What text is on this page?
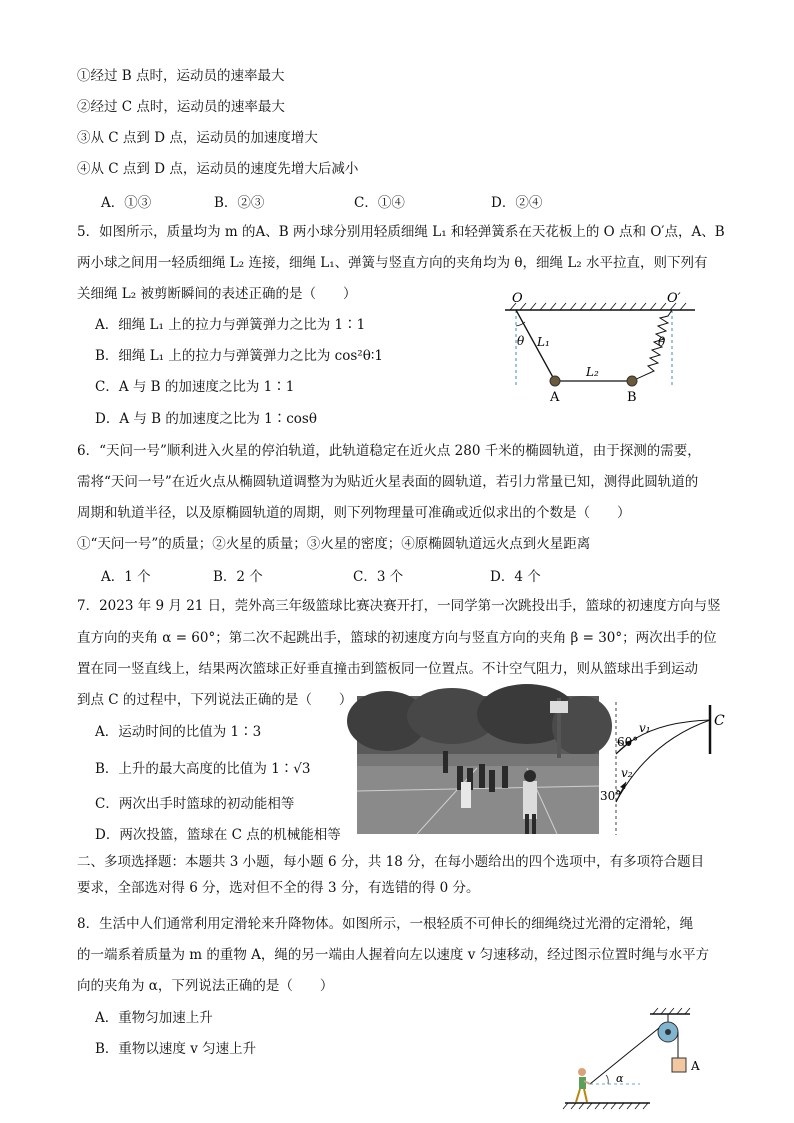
①经过 B 点时，运动员的速率最大
②经过 C 点时，运动员的速率最大
③从 C 点到 D 点，运动员的加速度增大
④从 C 点到 D 点，运动员的速度先增大后减小
A．①③	B．②③	C．①④	D．②④
5．如图所示，质量均为 m 的A、B 两小球分别用轻质细绳 L₁ 和轻弹簧系在天花板上的 O 点和 O′点，A、B
两小球之间用一轻质细绳 L₂ 连接，细绳 L₁、弹簧与竖直方向的夹角均为 θ，细绳 L₂ 水平拉直，则下列有
关细绳 L₂ 被剪断瞬间的表述正确的是（　　）
A．细绳 L₁ 上的拉力与弹簧弹力之比为 1∶1
B．细绳 L₁ 上的拉力与弹簧弹力之比为 cos²θ∶1
C．A 与 B 的加速度之比为 1∶1
D．A 与 B 的加速度之比为 1∶cosθ
O	O′
θ L₁	θ
L₂
A	B
6．“天问一号”顺利进入火星的停泊轨道，此轨道稳定在近火点 280 千米的椭圆轨道，由于探测的需要，
需将“天问一号”在近火点从椭圆轨道调整为为贴近火星表面的圆轨道，若引力常量已知，测得此圆轨道的
周期和轨道半径，以及原椭圆轨道的周期，则下列物理量可准确或近似求出的个数是（　　）
①“天问一号”的质量；②火星的质量；③火星的密度；④原椭圆轨道远火点到火星距离
A．1 个	B．2 个	C．3 个	D．4 个
7．2023 年 9 月 21 日，莞外高三年级篮球比赛决赛开打，一同学第一次跳投出手，篮球的初速度方向与竖
直方向的夹角 α = 60°；第二次不起跳出手，篮球的初速度方向与竖直方向的夹角 β = 30°；两次出手的位
置在同一竖直线上，结果两次篮球正好垂直撞击到篮板同一位置点。不计空气阻力，则从篮球出手到运动
到点 C 的过程中，下列说法正确的是（　　）
A．运动时间的比值为 1∶3
B．上升的最大高度的比值为 1∶√3
C．两次出手时篮球的初动能相等
D．两次投篮，篮球在 C 点的机械能相等
C
60°
30°
v₁
v₂
二、多项选择题：本题共 3 小题，每小题 6 分，共 18 分，在每小题给出的四个选项中，有多项符合题目
要求，全部选对得 6 分，选对但不全的得 3 分，有选错的得 0 分。
8．生活中人们通常利用定滑轮来升降物体。如图所示，一根轻质不可伸长的细绳绕过光滑的定滑轮，绳
的一端系着质量为 m 的重物 A，绳的另一端由人握着向左以速度 v 匀速移动，经过图示位置时绳与水平方
向的夹角为 α，下列说法正确的是（　　）
A．重物匀加速上升
B．重物以速度 v 匀速上升
A
α
